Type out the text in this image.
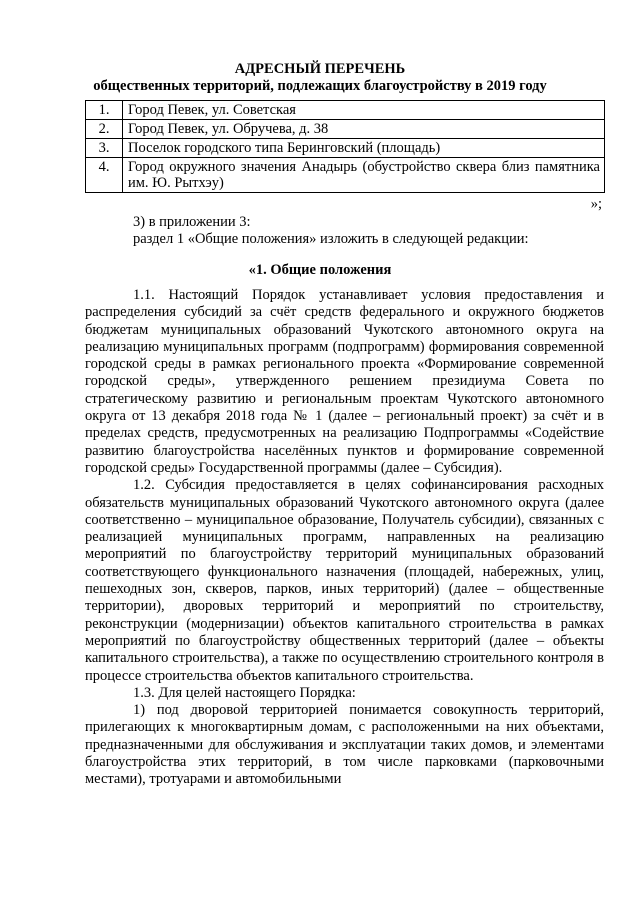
АДРЕСНЫЙ ПЕРЕЧЕНЬ
общественных территорий, подлежащих благоустройству в 2019 году
1.	Город Певек, ул. Советская
2.	Город Певек, ул. Обручева, д. 38
3.	Поселок городского типа Беринговский (площадь)
4.	Город окружного значения Анадырь (обустройство сквера близ памятника им. Ю. Рытхэу)
»;
3) в приложении 3:
раздел 1 «Общие положения» изложить в следующей редакции:
«1. Общие положения

1.1. Настоящий Порядок устанавливает условия предоставления и распределения субсидий за счёт средств федерального и окружного бюджетов бюджетам муниципальных образований Чукотского автономного округа на реализацию муниципальных программ (подпрограмм) формирования современной городской среды в рамках регионального проекта «Формирование современной городской среды», утвержденного решением президиума Совета по стратегическому развитию и региональным проектам Чукотского автономного округа от 13 декабря 2018 года № 1 (далее – региональный проект) за счёт и в пределах средств, предусмотренных на реализацию Подпрограммы «Содействие развитию благоустройства населённых пунктов и формирование современной городской среды» Государственной программы (далее – Субсидия).

1.2. Субсидия предоставляется в целях софинансирования расходных обязательств муниципальных образований Чукотского автономного округа (далее соответственно – муниципальное образование, Получатель субсидии), связанных с реализацией муниципальных программ, направленных на реализацию мероприятий по благоустройству территорий муниципальных образований соответствующего функционального назначения (площадей, набережных, улиц, пешеходных зон, скверов, парков, иных территорий) (далее – общественные территории), дворовых территорий и мероприятий по строительству, реконструкции (модернизации) объектов капитального строительства в рамках мероприятий по благоустройству общественных территорий (далее – объекты капитального строительства), а также по осуществлению строительного контроля в процессе строительства объектов капитального строительства.

1.3. Для целей настоящего Порядка:

1) под дворовой территорией понимается совокупность территорий, прилегающих к многоквартирным домам, с расположенными на них объектами, предназначенными для обслуживания и эксплуатации таких домов, и элементами благоустройства этих территорий, в том числе парковками (парковочными местами), тротуарами и автомобильными
